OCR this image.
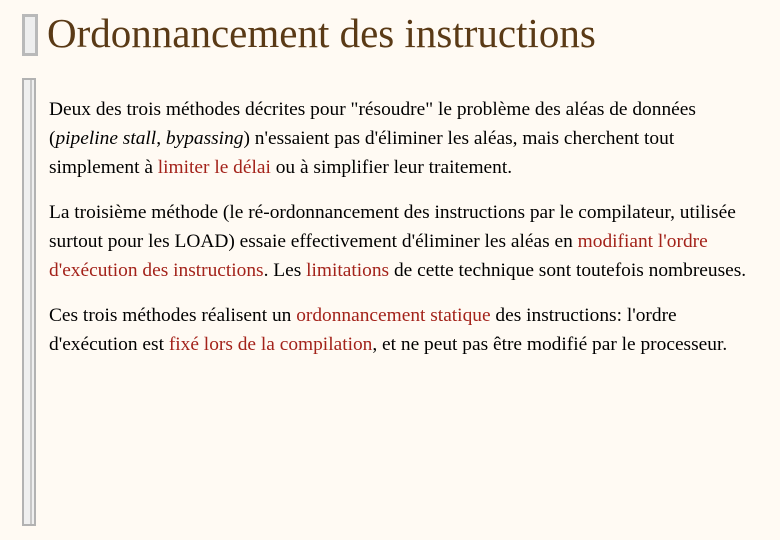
Ordonnancement des instructions

Deux des trois méthodes décrites pour "résoudre" le problème des aléas de données (pipeline stall, bypassing) n'essaient pas d'éliminer les aléas, mais cherchent tout simplement à limiter le délai ou à simplifier leur traitement.

La troisième méthode (le ré-ordonnancement des instructions par le compilateur, utilisée surtout pour les LOAD) essaie effectivement d'éliminer les aléas en modifiant l'ordre d'exécution des instructions. Les limitations de cette technique sont toutefois nombreuses.

Ces trois méthodes réalisent un ordonnancement statique des instructions: l'ordre d'exécution est fixé lors de la compilation, et ne peut pas être modifié par le processeur.
